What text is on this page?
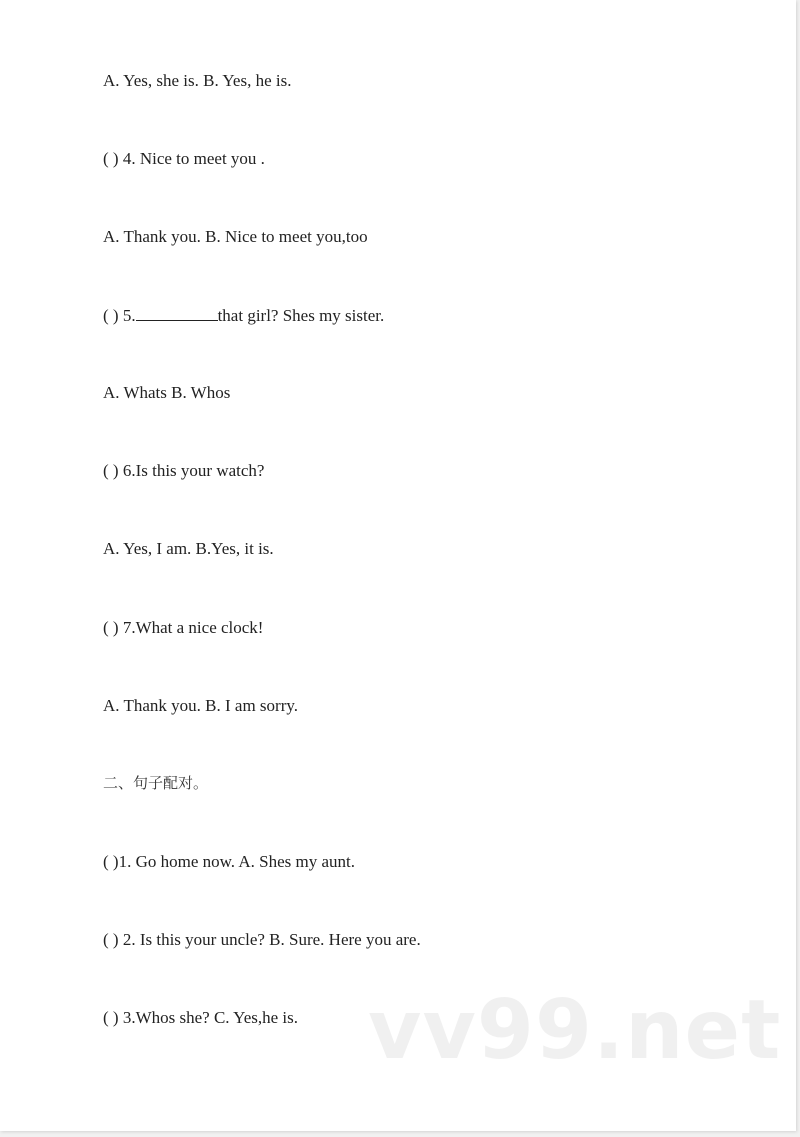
A. Yes, she is. B. Yes, he is.
( ) 4. Nice to meet you .
A. Thank you. B. Nice to meet you,too
( ) 5.	that girl? Shes my sister.
A. Whats B. Whos
( ) 6.Is this your watch?
A. Yes, I am. B.Yes, it is.
( ) 7.What a nice clock!
A. Thank you. B. I am sorry.
二、句子配对。
( )1. Go home now. A. Shes my aunt.
( ) 2. Is this your uncle? B. Sure. Here you are.
( ) 3.Whos she? C. Yes,he is. vv99.net
